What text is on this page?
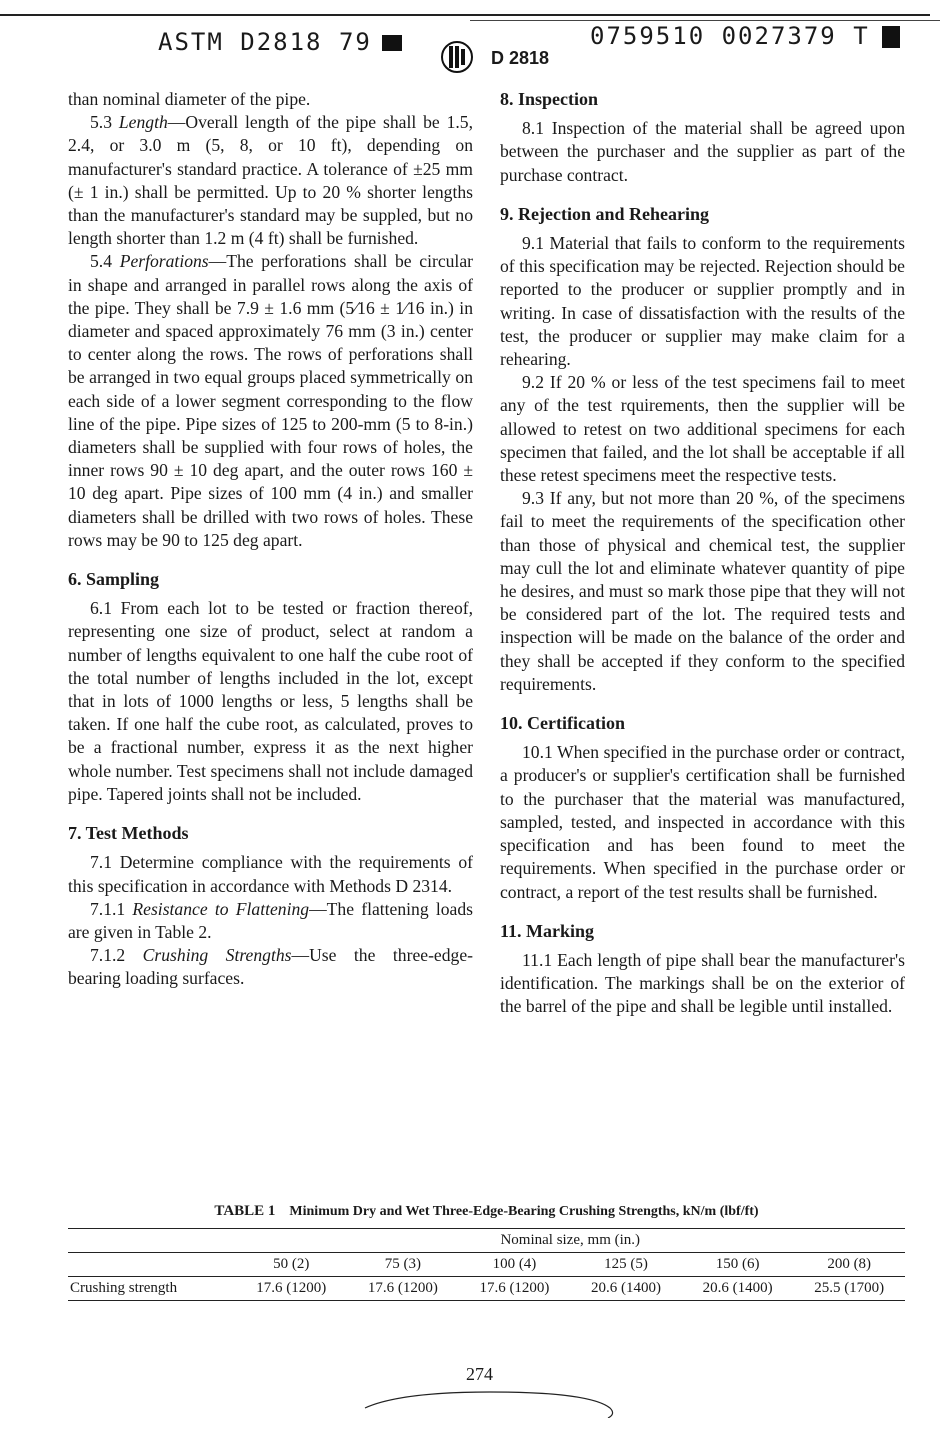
ASTM D2818 79
D 2818
0759510 0027379 T

than nominal diameter of the pipe.

5.3 Length—Overall length of the pipe shall be 1.5, 2.4, or 3.0 m (5, 8, or 10 ft), depending on manufacturer's standard practice. A tolerance of ±25 mm (± 1 in.) shall be permitted. Up to 20 % shorter lengths than the manufacturer's standard may be suppled, but no length shorter than 1.2 m (4 ft) shall be furnished.

5.4 Perforations—The perforations shall be circular in shape and arranged in parallel rows along the axis of the pipe. They shall be 7.9 ± 1.6 mm (5⁄16 ± 1⁄16 in.) in diameter and spaced approximately 76 mm (3 in.) center to center along the rows. The rows of perforations shall be arranged in two equal groups placed symmetrically on each side of a lower segment corresponding to the flow line of the pipe. Pipe sizes of 125 to 200-mm (5 to 8-in.) diameters shall be supplied with four rows of holes, the inner rows 90 ± 10 deg apart, and the outer rows 160 ± 10 deg apart. Pipe sizes of 100 mm (4 in.) and smaller diameters shall be drilled with two rows of holes. These rows may be 90 to 125 deg apart.

6. Sampling

6.1 From each lot to be tested or fraction thereof, representing one size of product, select at random a number of lengths equivalent to one half the cube root of the total number of lengths included in the lot, except that in lots of 1000 lengths or less, 5 lengths shall be taken. If one half the cube root, as calculated, proves to be a fractional number, express it as the next higher whole number. Test specimens shall not include damaged pipe. Tapered joints shall not be included.

7. Test Methods

7.1 Determine compliance with the requirements of this specification in accordance with Methods D 2314.

7.1.1 Resistance to Flattening—The flattening loads are given in Table 2.

7.1.2 Crushing Strengths—Use the three-edge-bearing loading surfaces.

8. Inspection

8.1 Inspection of the material shall be agreed upon between the purchaser and the supplier as part of the purchase contract.

9. Rejection and Rehearing

9.1 Material that fails to conform to the requirements of this specification may be rejected. Rejection should be reported to the producer or supplier promptly and in writing. In case of dissatisfaction with the results of the test, the producer or supplier may make claim for a rehearing.

9.2 If 20 % or less of the test specimens fail to meet any of the test rquirements, then the supplier will be allowed to retest on two additional specimens for each specimen that failed, and the lot shall be acceptable if all these retest specimens meet the respective tests.

9.3 If any, but not more than 20 %, of the specimens fail to meet the requirements of the specification other than those of physical and chemical test, the supplier may cull the lot and eliminate whatever quantity of pipe he desires, and must so mark those pipe that they will not be considered part of the lot. The required tests and inspection will be made on the balance of the order and they shall be accepted if they conform to the specified requirements.

10. Certification

10.1 When specified in the purchase order or contract, a producer's or supplier's certification shall be furnished to the purchaser that the material was manufactured, sampled, tested, and inspected in accordance with this specification and has been found to meet the requirements. When specified in the purchase order or contract, a report of the test results shall be furnished.

11. Marking

11.1 Each length of pipe shall bear the manufacturer's identification. The markings shall be on the exterior of the barrel of the pipe and shall be legible until installed.

TABLE 1 Minimum Dry and Wet Three-Edge-Bearing Crushing Strengths, kN/m (lbf/ft)
	Nominal size, mm (in.)					
	50 (2)	75 (3)	100 (4)	125 (5)	150 (6)	200 (8)
Crushing strength	17.6 (1200)	17.6 (1200)	17.6 (1200)	20.6 (1400)	20.6 (1400)	25.5 (1700)
274
